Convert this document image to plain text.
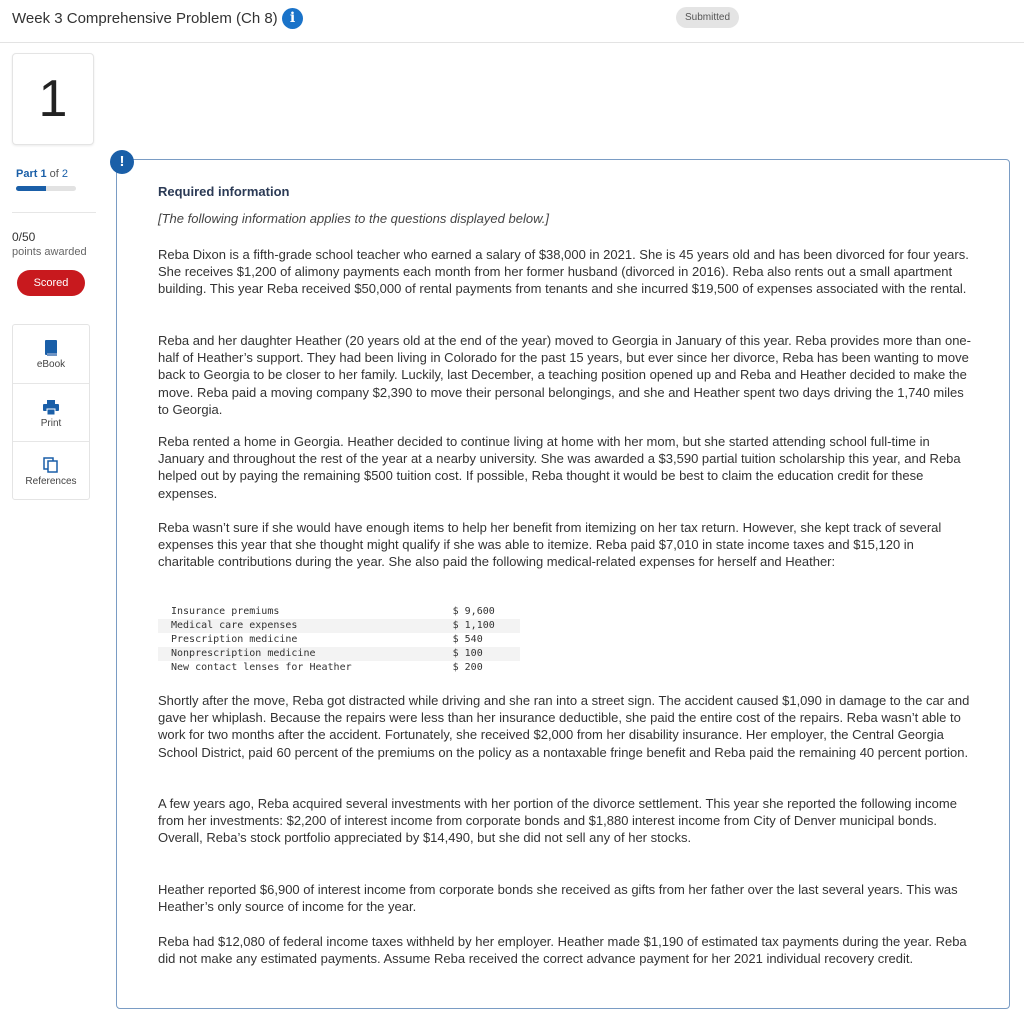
Week 3 Comprehensive Problem (Ch 8) i	Submitted
1
Part 1 of 2
0/50
points awarded
Scored
eBook
Print
References
!
Required information
[The following information applies to the questions displayed below.]

Reba Dixon is a fifth-grade school teacher who earned a salary of $38,000 in 2021. She is 45 years old and has been divorced for four years. She receives $1,200 of alimony payments each month from her former husband (divorced in 2016). Reba also rents out a small apartment building. This year Reba received $50,000 of rental payments from tenants and she incurred $19,500 of expenses associated with the rental.

Reba and her daughter Heather (20 years old at the end of the year) moved to Georgia in January of this year. Reba provides more than one-half of Heather’s support. They had been living in Colorado for the past 15 years, but ever since her divorce, Reba has been wanting to move back to Georgia to be closer to her family. Luckily, last December, a teaching position opened up and Reba and Heather decided to make the move. Reba paid a moving company $2,390 to move their personal belongings, and she and Heather spent two days driving the 1,740 miles to Georgia.

Reba rented a home in Georgia. Heather decided to continue living at home with her mom, but she started attending school full-time in January and throughout the rest of the year at a nearby university. She was awarded a $3,590 partial tuition scholarship this year, and Reba helped out by paying the remaining $500 tuition cost. If possible, Reba thought it would be best to claim the education credit for these expenses.

Reba wasn’t sure if she would have enough items to help her benefit from itemizing on her tax return. However, she kept track of several expenses this year that she thought might qualify if she was able to itemize. Reba paid $7,010 in state income taxes and $15,120 in charitable contributions during the year. She also paid the following medical-related expenses for herself and Heather:

Insurance premiums	$ 9,600
Medical care expenses	$ 1,100
Prescription medicine	$ 540
Nonprescription medicine	$ 100
New contact lenses for Heather	$ 200

Shortly after the move, Reba got distracted while driving and she ran into a street sign. The accident caused $1,090 in damage to the car and gave her whiplash. Because the repairs were less than her insurance deductible, she paid the entire cost of the repairs. Reba wasn’t able to work for two months after the accident. Fortunately, she received $2,000 from her disability insurance. Her employer, the Central Georgia School District, paid 60 percent of the premiums on the policy as a nontaxable fringe benefit and Reba paid the remaining 40 percent portion.

A few years ago, Reba acquired several investments with her portion of the divorce settlement. This year she reported the following income from her investments: $2,200 of interest income from corporate bonds and $1,880 interest income from City of Denver municipal bonds. Overall, Reba’s stock portfolio appreciated by $14,490, but she did not sell any of her stocks.

Heather reported $6,900 of interest income from corporate bonds she received as gifts from her father over the last several years. This was Heather’s only source of income for the year.

Reba had $12,080 of federal income taxes withheld by her employer. Heather made $1,190 of estimated tax payments during the year. Reba did not make any estimated payments. Assume Reba received the correct advance payment for her 2021 individual recovery credit.
